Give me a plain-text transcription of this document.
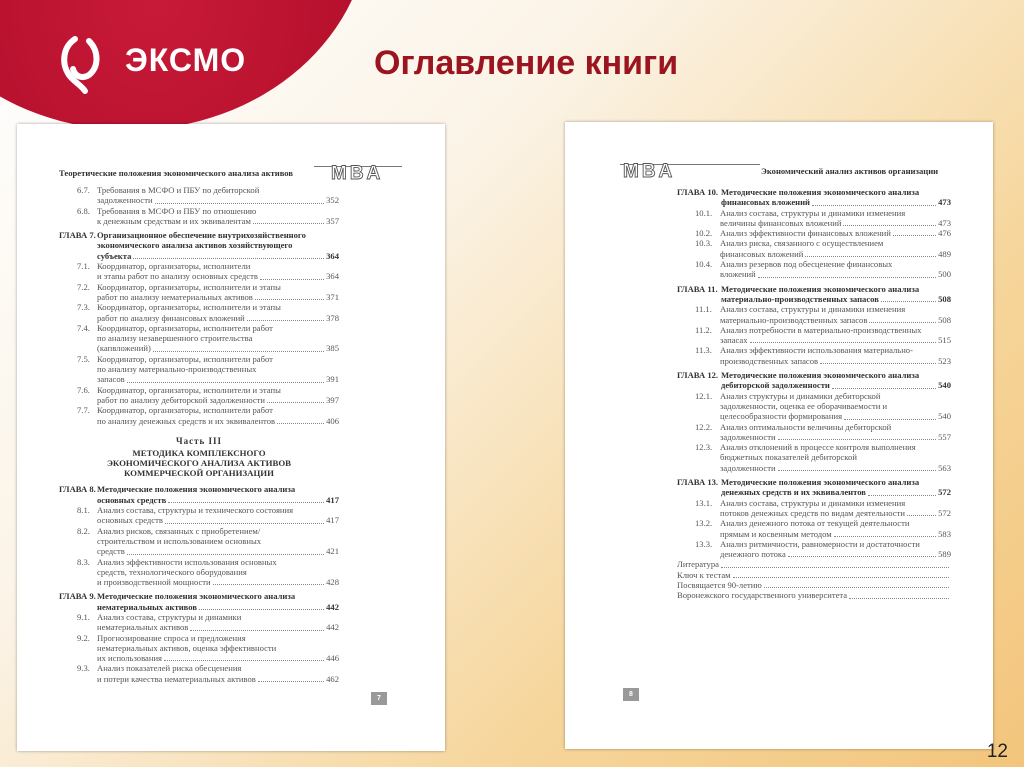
ЭКСМО	Оглавление книги
Теоретические положения экономического анализа активов MBA
6.7. Требования в МСФО и ПБУ по дебиторской
задолженности	352
6.8. Требования в МСФО и ПБУ по отношению
к денежным средствам и их эквивалентам	357
ГЛАВА 7. Организационное обеспечение внутрихозяйственного
экономического анализа активов хозяйствующего
субъекта	364
7.1. Координатор, организаторы, исполнители
и этапы работ по анализу основных средств	364
7.2. Координатор, организаторы, исполнители и этапы
работ по анализу нематериальных активов	371
7.3. Координатор, организаторы, исполнители и этапы
работ по анализу финансовых вложений	378
7.4. Координатор, организаторы, исполнители работ
по анализу незавершенного строительства
(капвложений)	385
7.5. Координатор, организаторы, исполнители работ
по анализу материально-производственных
запасов	391
7.6. Координатор, организаторы, исполнители и этапы
работ по анализу дебиторской задолженности	397
7.7. Координатор, организаторы, исполнители работ
по анализу денежных средств и их эквивалентов	406
Часть III
МЕТОДИКА КОМПЛЕКСНОГО
ЭКОНОМИЧЕСКОГО АНАЛИЗА АКТИВОВ
КОММЕРЧЕСКОЙ ОРГАНИЗАЦИИ
ГЛАВА 8. Методические положения экономического анализа
основных средств	417
8.1. Анализ состава, структуры и технического состояния
основных средств	417
8.2. Анализ рисков, связанных с приобретением/
строительством и использованием основных
средств	421
8.3. Анализ эффективности использования основных
средств, технологического оборудования
и производственной мощности	428
ГЛАВА 9. Методические положения экономического анализа
нематериальных активов	442
9.1. Анализ состава, структуры и динамики
нематериальных активов	442
9.2. Прогнозирование спроса и предложения
нематериальных активов, оценка эффективности
их использования	446
9.3. Анализ показателей риска обесценения
и потери качества нематериальных активов	462
7
MBA	Экономический анализ активов организации
ГЛАВА 10. Методические положения экономического анализа
финансовых вложений	473
10.1. Анализ состава, структуры и динамики изменения
величины финансовых вложений	473
10.2. Анализ эффективности финансовых вложений	476
10.3. Анализ риска, связанного с осуществлением
финансовых вложений	489
10.4. Анализ резервов под обесценение финансовых
вложений	500
ГЛАВА 11. Методические положения экономического анализа
материально-производственных запасов	508
11.1. Анализ состава, структуры и динамики изменения
материально-производственных запасов	508
11.2. Анализ потребности в материально-производственных
запасах	515
11.3. Анализ эффективности использования материально-
производственных запасов	523
ГЛАВА 12. Методические положения экономического анализа
дебиторской задолженности	540
12.1. Анализ структуры и динамики дебиторской
задолженности, оценка ее оборачиваемости и
целесообразности формирования	540
12.2. Анализ оптимальности величины дебиторской
задолженности	557
12.3. Анализ отклонений в процессе контроля выполнения
бюджетных показателей дебиторской
задолженности	563
ГЛАВА 13. Методические положения экономического анализа
денежных средств и их эквивалентов	572
13.1. Анализ состава, структуры и динамики изменения
потоков денежных средств по видам деятельности	572
13.2. Анализ денежного потока от текущей деятельности
прямым и косвенным методом	583
13.3. Анализ ритмичности, равномерности и достаточности
денежного потока	589
Литература
Ключ к тестам
Посвящается 90-летию
Воронежского государственного университета
8
12
